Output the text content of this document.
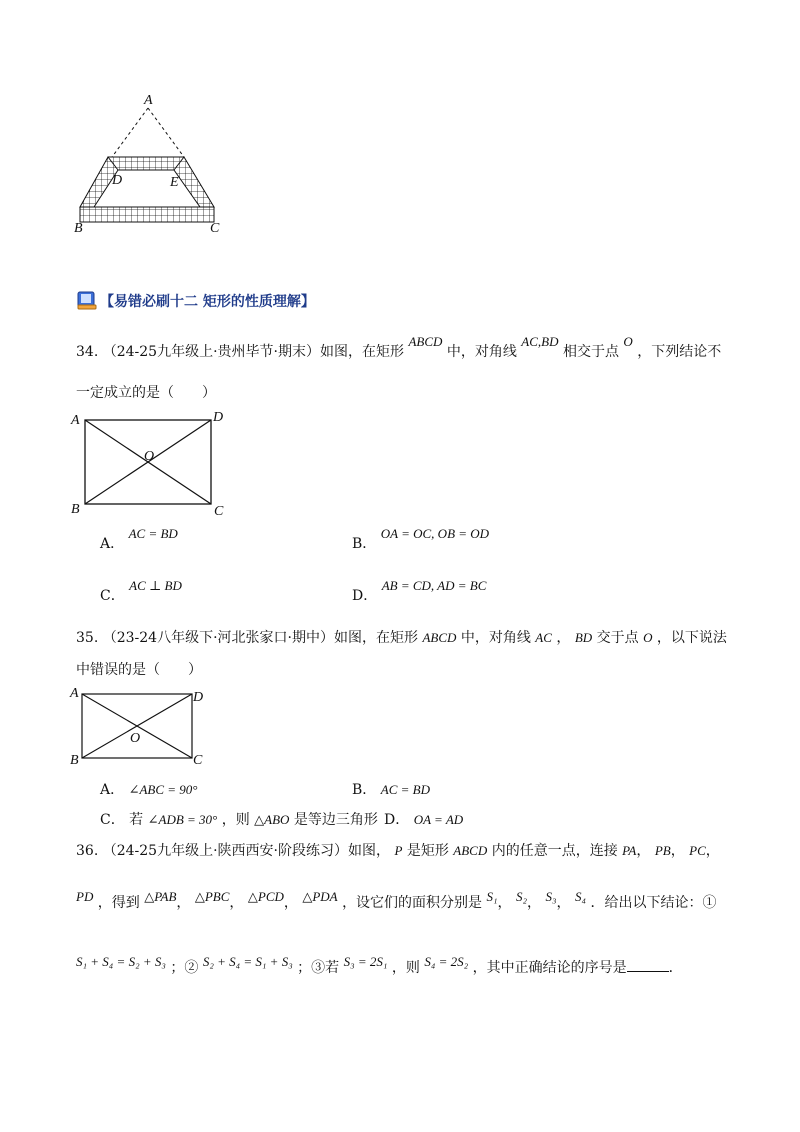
A
D	E
B	C
【易错必刷十二 矩形的性质理解】
34. （24-25九年级上·贵州毕节·期末）如图，在矩形 ABCD 中，对角线 AC,BD 相交于点 O ，下列结论不
一定成立的是（　　）
A	D
O
B	C
A． AC = BD
B． OA = OC, OB = OD
C． AC ⊥ BD
D． AB = CD, AD = BC
35. （23-24八年级下·河北张家口·期中）如图，在矩形 ABCD 中，对角线 AC ， BD 交于点 O ，以下说法
中错误的是（　　）
A	D
O
B	C
A． ∠ABC = 90°	B． AC = BD
C． 若 ∠ADB = 30° ，则 △ABO 是等边三角形 D． OA = AD
36. （24-25九年级上·陕西西安·阶段练习）如图， P 是矩形 ABCD 内的任意一点，连接 PA， PB， PC，
PD ，得到 △PAB， △PBC， △PCD， △PDA ，设它们的面积分别是 S₁， S₂， S₃， S₄ ．给出以下结论：①
S₁ + S₄ = S₂ + S₃ ；② S₂ + S₄ = S₁ + S₃ ；③若 S₃ = 2S₁ ，则 S₄ = 2S₂ ，其中正确结论的序号是	．
